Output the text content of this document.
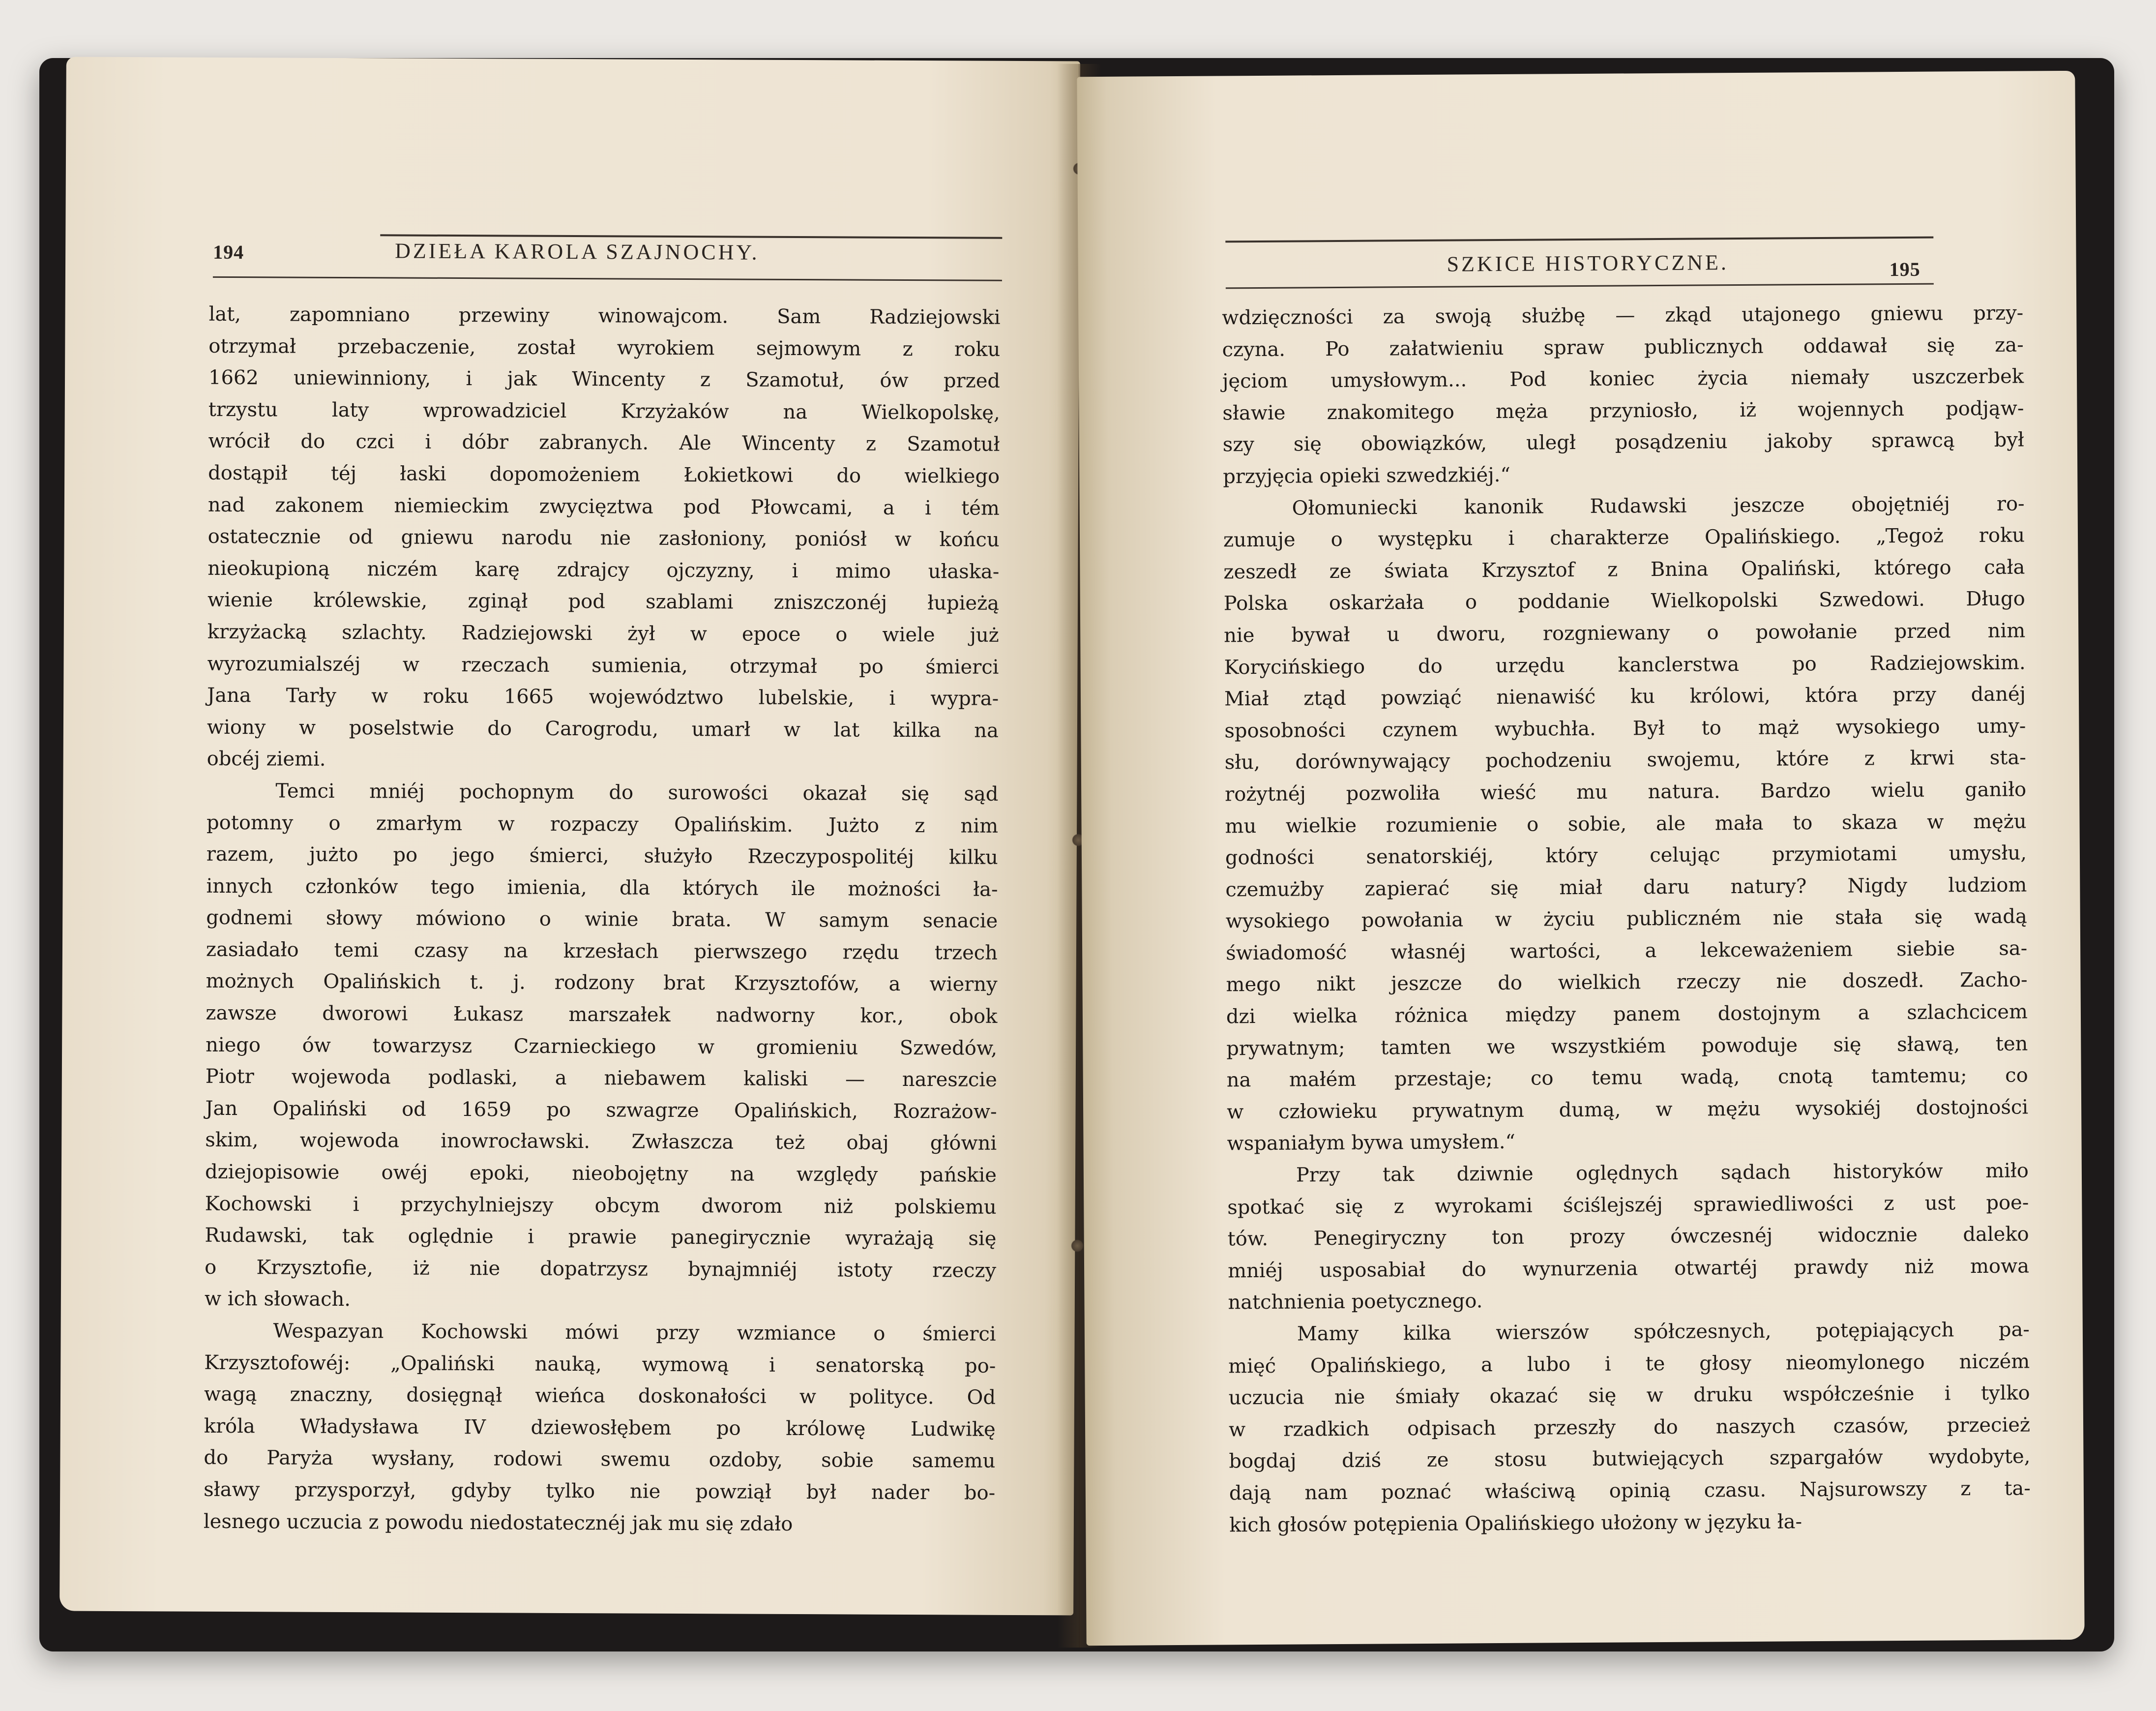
194	DZIEŁA KAROLA SZAJNOCHY.

lat, zapomniano przewiny winowajcom. Sam Radziejowski

otrzymał przebaczenie, został wyrokiem sejmowym z roku

1662 uniewinniony, i jak Wincenty z Szamotuł, ów przed

trzystu laty wprowadziciel Krzyżaków na Wielkopolskę,

wrócił do czci i dóbr zabranych. Ale Wincenty z Szamotuł

dostąpił téj łaski dopomożeniem Łokietkowi do wielkiego

nad zakonem niemieckim zwycięztwa pod Płowcami, a i tém

ostatecznie od gniewu narodu nie zasłoniony, poniósł w końcu

nieokupioną niczém karę zdrajcy ojczyzny, i mimo ułaska-

wienie królewskie, zginął pod szablami zniszczonéj łupieżą

krzyżacką szlachty. Radziejowski żył w epoce o wiele już

wyrozumialszéj w rzeczach sumienia, otrzymał po śmierci

Jana Tarły w roku 1665 województwo lubelskie, i wypra-

wiony w poselstwie do Carogrodu, umarł w lat kilka na

obcéj ziemi.

Temci mniéj pochopnym do surowości okazał się sąd

potomny o zmarłym w rozpaczy Opalińskim. Jużto z nim

razem, jużto po jego śmierci, służyło Rzeczypospolitéj kilku

innych członków tego imienia, dla których ile możności ła-

godnemi słowy mówiono o winie brata. W samym senacie

zasiadało temi czasy na krzesłach pierwszego rzędu trzech

możnych Opalińskich t. j. rodzony brat Krzysztofów, a wierny

zawsze dworowi Łukasz marszałek nadworny kor., obok

niego ów towarzysz Czarnieckiego w gromieniu Szwedów,

Piotr wojewoda podlaski, a niebawem kaliski — nareszcie

Jan Opaliński od 1659 po szwagrze Opalińskich, Rozrażow-

skim, wojewoda inowrocławski. Zwłaszcza też obaj główni

dziejopisowie owéj epoki, nieobojętny na względy pańskie

Kochowski i przychylniejszy obcym dworom niż polskiemu

Rudawski, tak oględnie i prawie panegirycznie wyrażają się

o Krzysztofie, iż nie dopatrzysz bynajmniéj istoty rzeczy

w ich słowach.

Wespazyan Kochowski mówi przy wzmiance o śmierci

Krzysztofowéj: „Opaliński nauką, wymową i senatorską po-

wagą znaczny, dosięgnął wieńca doskonałości w polityce. Od

króla Władysława IV dziewosłębem po królowę Ludwikę

do Paryża wysłany, rodowi swemu ozdoby, sobie samemu

sławy przysporzył, gdyby tylko nie powziął był nader bo-

lesnego uczucia z powodu niedostatecznéj jak mu się zdało

SZKICE HISTORYCZNE.	195

wdzięczności za swoją służbę — zkąd utajonego gniewu przy-

czyna. Po załatwieniu spraw publicznych oddawał się za-

jęciom umysłowym... Pod koniec życia niemały uszczerbek

sławie znakomitego męża przyniosło, iż wojennych podjąw-

szy się obowiązków, uległ posądzeniu jakoby sprawcą był

przyjęcia opieki szwedzkiéj.“

Ołomuniecki kanonik Rudawski jeszcze obojętniéj ro-

zumuje o występku i charakterze Opalińskiego. „Tegoż roku

zeszedł ze świata Krzysztof z Bnina Opaliński, którego cała

Polska oskarżała o poddanie Wielkopolski Szwedowi. Długo

nie bywał u dworu, rozgniewany o powołanie przed nim

Korycińskiego do urzędu kanclerstwa po Radziejowskim.

Miał ztąd powziąć nienawiść ku królowi, która przy danéj

sposobności czynem wybuchła. Był to mąż wysokiego umy-

słu, dorównywający pochodzeniu swojemu, które z krwi sta-

rożytnéj pozwoliła wieść mu natura. Bardzo wielu ganiło

mu wielkie rozumienie o sobie, ale mała to skaza w mężu

godności senatorskiéj, który celując przymiotami umysłu,

czemużby zapierać się miał daru natury? Nigdy ludziom

wysokiego powołania w życiu publiczném nie stała się wadą

świadomość własnéj wartości, a lekceważeniem siebie sa-

mego nikt jeszcze do wielkich rzeczy nie doszedł. Zacho-

dzi wielka różnica między panem dostojnym a szlachcicem

prywatnym; tamten we wszystkiém powoduje się sławą, ten

na małém przestaje; co temu wadą, cnotą tamtemu; co

w człowieku prywatnym dumą, w mężu wysokiéj dostojności

wspaniałym bywa umysłem.“

Przy tak dziwnie oględnych sądach historyków miło

spotkać się z wyrokami ściślejszéj sprawiedliwości z ust poe-

tów. Penegiryczny ton prozy ówczesnéj widocznie daleko

mniéj usposabiał do wynurzenia otwartéj prawdy niż mowa

natchnienia poetycznego.

Mamy kilka wierszów spółczesnych, potępiających pa-

mięć Opalińskiego, a lubo i te głosy nieomylonego niczém

uczucia nie śmiały okazać się w druku współcześnie i tylko

w rzadkich odpisach przeszły do naszych czasów, przecież

bogdaj dziś ze stosu butwiejących szpargałów wydobyte,

dają nam poznać właściwą opinią czasu. Najsurowszy z ta-

kich głosów potępienia Opalińskiego ułożony w języku ła-
